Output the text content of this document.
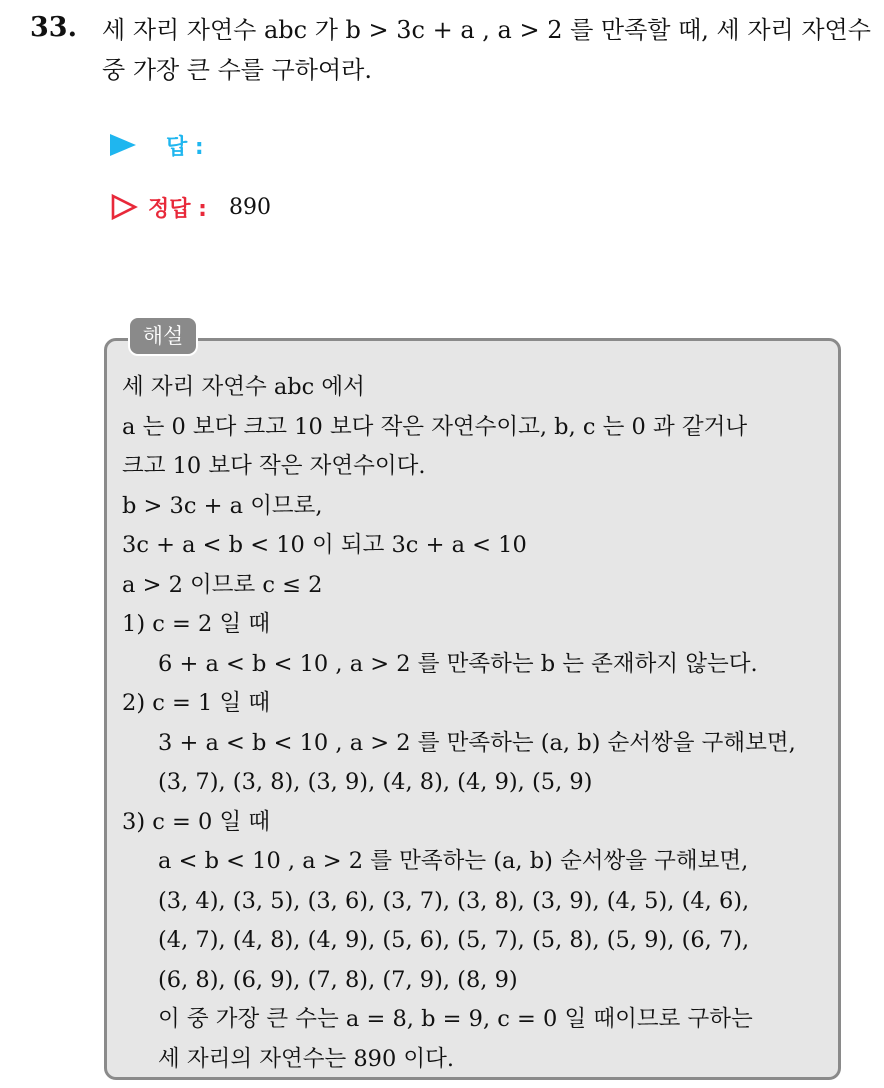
33. 세 자리 자연수 abc 가 b > 3c + a , a > 2 를 만족할 때, 세 자리 자연수
중 가장 큰 수를 구하여라.
답 :
정답 : 890
해설
세 자리 자연수 abc 에서
a 는 0 보다 크고 10 보다 작은 자연수이고, b, c 는 0 과 같거나
크고 10 보다 작은 자연수이다.
b > 3c + a 이므로,
3c + a < b < 10 이 되고 3c + a < 10
a > 2 이므로 c ≤ 2
1) c = 2 일 때
6 + a < b < 10 , a > 2 를 만족하는 b 는 존재하지 않는다.
2) c = 1 일 때
3 + a < b < 10 , a > 2 를 만족하는 (a, b) 순서쌍을 구해보면,
(3, 7), (3, 8), (3, 9), (4, 8), (4, 9), (5, 9)
3) c = 0 일 때
a < b < 10 , a > 2 를 만족하는 (a, b) 순서쌍을 구해보면,
(3, 4), (3, 5), (3, 6), (3, 7), (3, 8), (3, 9), (4, 5), (4, 6),
(4, 7), (4, 8), (4, 9), (5, 6), (5, 7), (5, 8), (5, 9), (6, 7),
(6, 8), (6, 9), (7, 8), (7, 9), (8, 9)
이 중 가장 큰 수는 a = 8, b = 9, c = 0 일 때이므로 구하는
세 자리의 자연수는 890 이다.
